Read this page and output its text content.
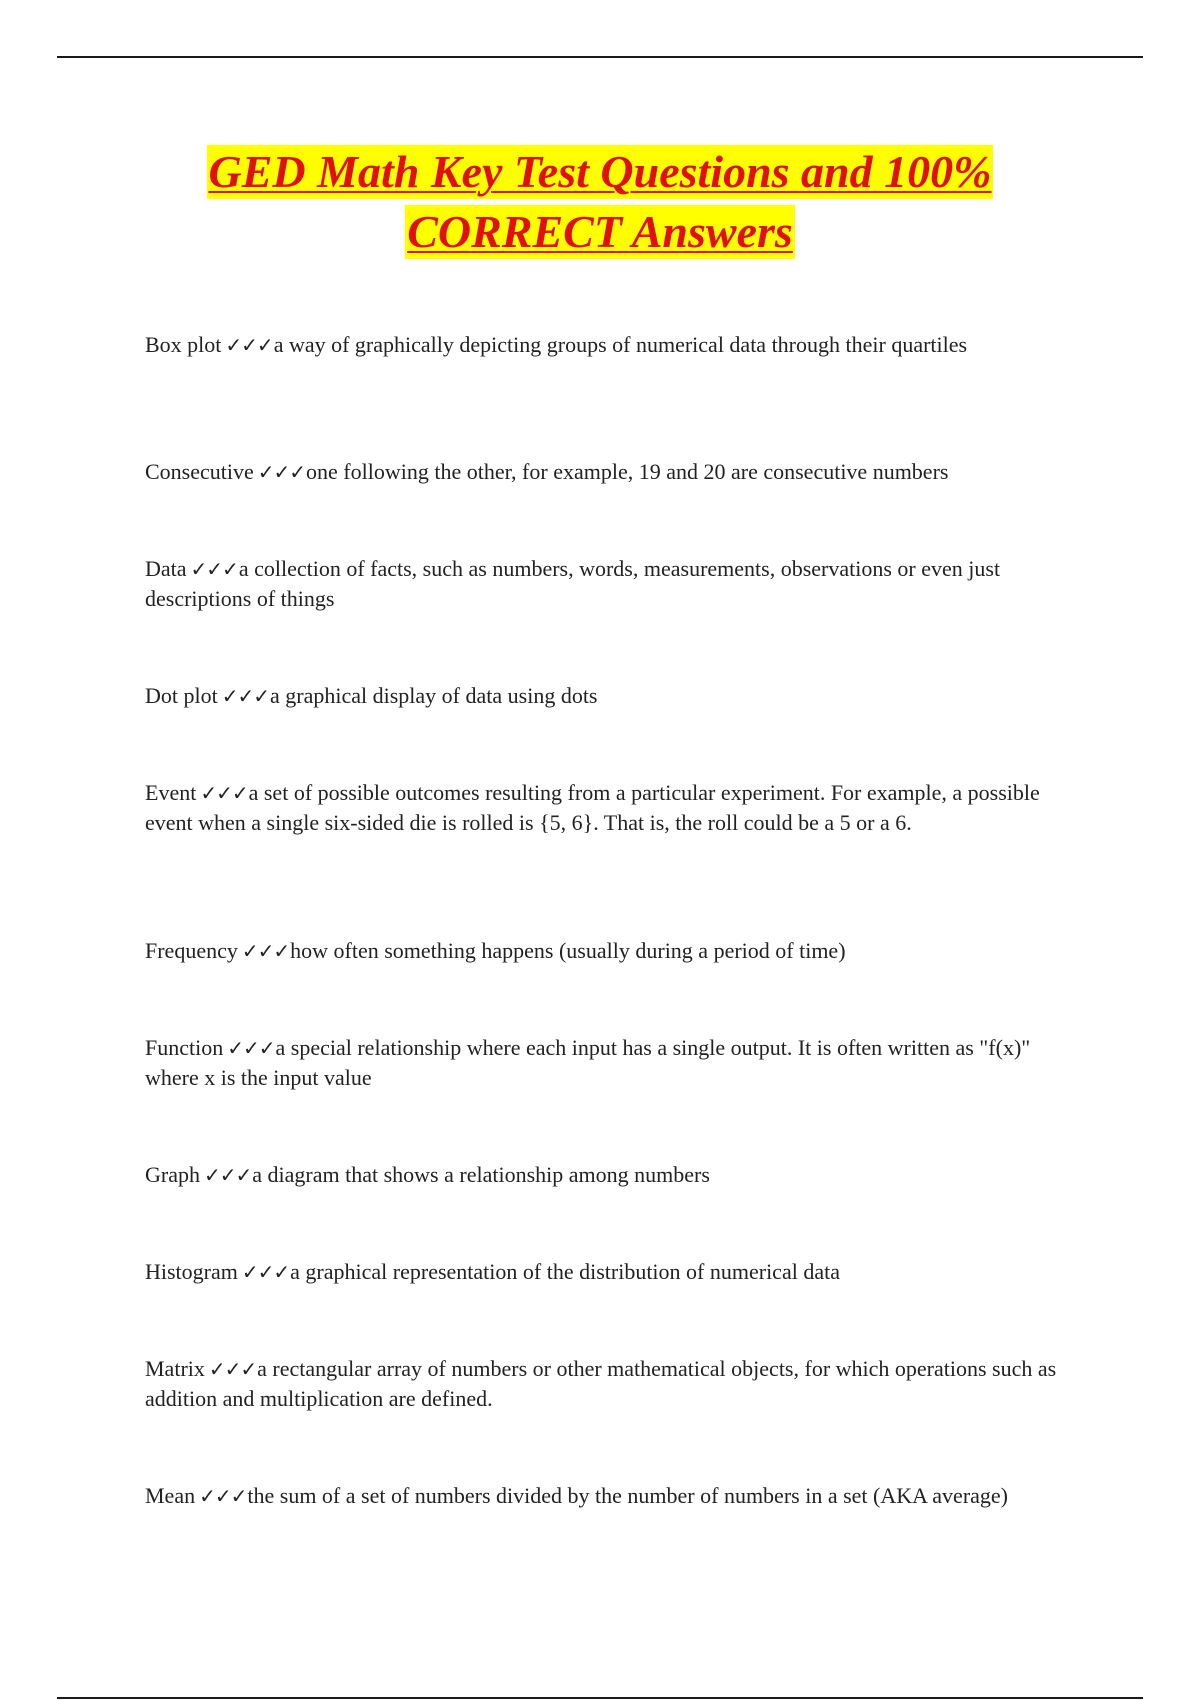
GED Math Key Test Questions and 100%
CORRECT Answers
Box plot ✓✓✓a way of graphically depicting groups of numerical data through their quartiles
Consecutive ✓✓✓one following the other, for example, 19 and 20 are consecutive numbers
Data ✓✓✓a collection of facts, such as numbers, words, measurements, observations or even just descriptions of things
Dot plot ✓✓✓a graphical display of data using dots
Event ✓✓✓a set of possible outcomes resulting from a particular experiment. For example, a possible event when a single six-sided die is rolled is {5, 6}. That is, the roll could be a 5 or a 6.
Frequency ✓✓✓how often something happens (usually during a period of time)
Function ✓✓✓a special relationship where each input has a single output. It is often written as "f(x)" where x is the input value
Graph ✓✓✓a diagram that shows a relationship among numbers
Histogram ✓✓✓a graphical representation of the distribution of numerical data
Matrix ✓✓✓a rectangular array of numbers or other mathematical objects, for which operations such as addition and multiplication are defined.
Mean ✓✓✓the sum of a set of numbers divided by the number of numbers in a set (AKA average)
